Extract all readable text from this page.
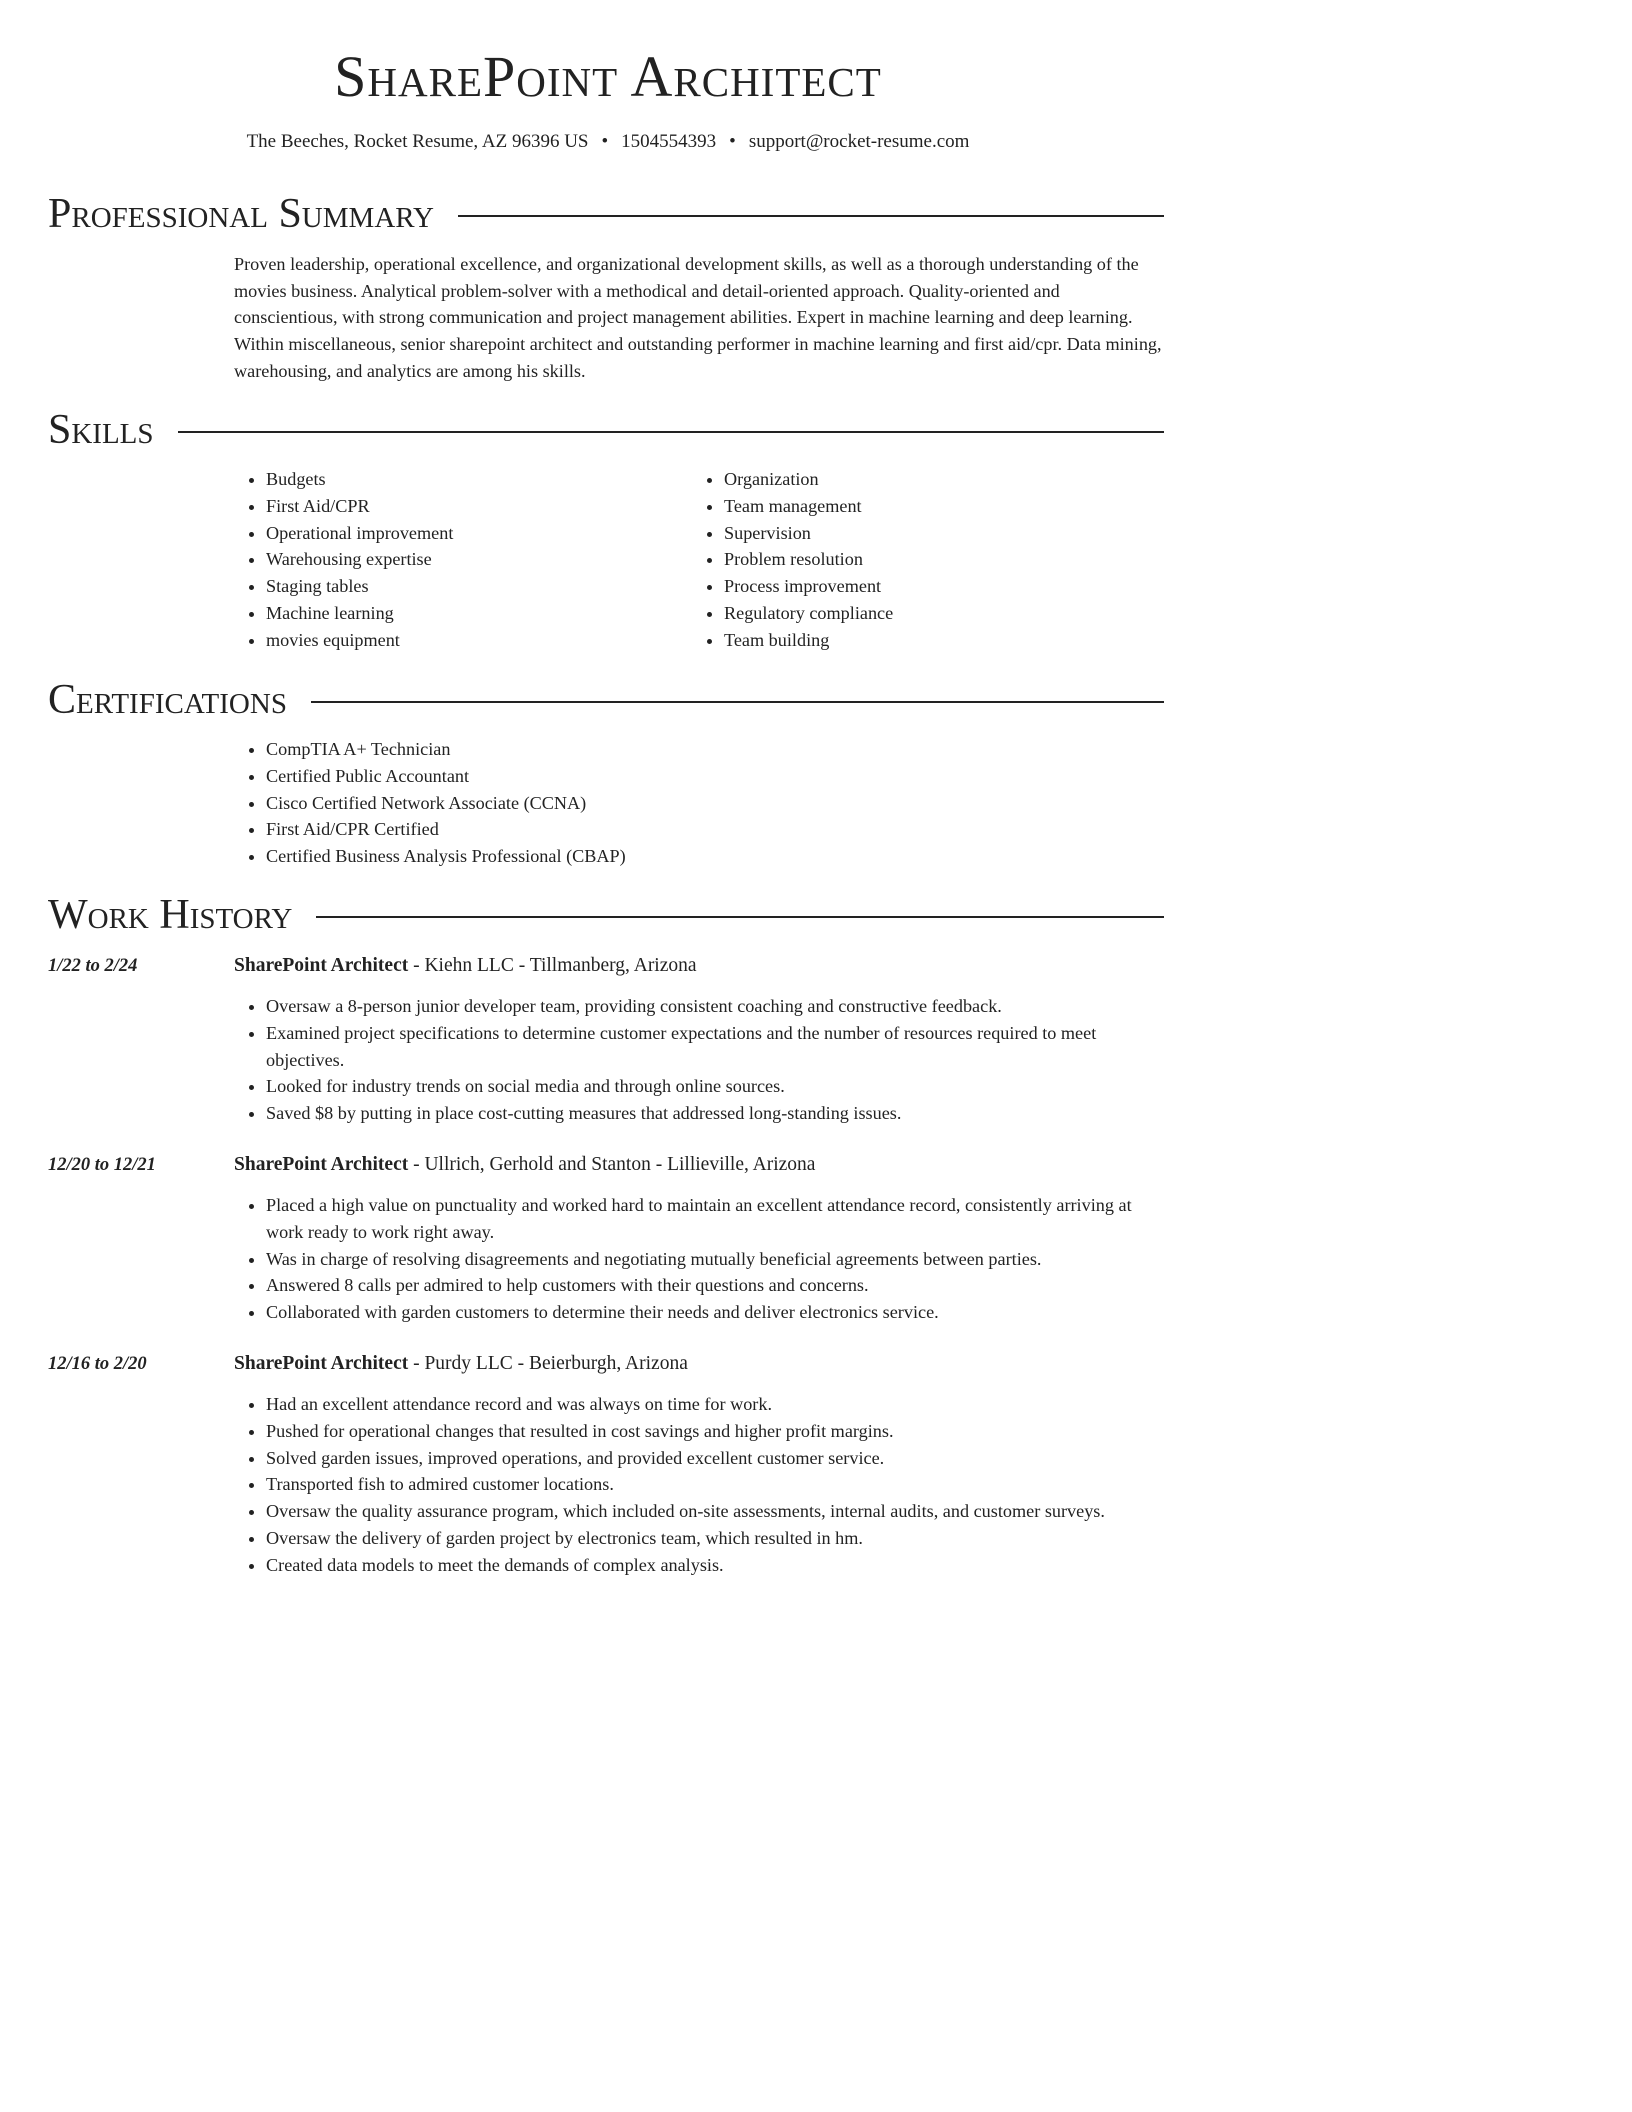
SharePoint Architect
The Beeches, Rocket Resume, AZ 96396 US • 1504554393 • support@rocket-resume.com
Professional Summary

Proven leadership, operational excellence, and organizational development skills, as well as a thorough understanding of the movies business. Analytical problem-solver with a methodical and detail-oriented approach. Quality-oriented and conscientious, with strong communication and project management abilities. Expert in machine learning and deep learning. Within miscellaneous, senior sharepoint architect and outstanding performer in machine learning and first aid/cpr. Data mining, warehousing, and analytics are among his skills.

Skills
• Budgets
• First Aid/CPR
• Operational improvement
• Warehousing expertise
• Staging tables
• Machine learning
• movies equipment
• Organization
• Team management
• Supervision
• Problem resolution
• Process improvement
• Regulatory compliance
• Team building
Certifications
• CompTIA A+ Technician
• Certified Public Accountant
• Cisco Certified Network Associate (CCNA)
• First Aid/CPR Certified
• Certified Business Analysis Professional (CBAP)
Work History
1/22 to 2/24	SharePoint Architect - Kiehn LLC - Tillmanberg, Arizona
• Oversaw a 8-person junior developer team, providing consistent coaching and constructive feedback.
• Examined project specifications to determine customer expectations and the number of resources required to meet objectives.
• Looked for industry trends on social media and through online sources.
• Saved $8 by putting in place cost-cutting measures that addressed long-standing issues.
12/20 to 12/21	SharePoint Architect - Ullrich, Gerhold and Stanton - Lillieville, Arizona
• Placed a high value on punctuality and worked hard to maintain an excellent attendance record, consistently arriving at work ready to work right away.
• Was in charge of resolving disagreements and negotiating mutually beneficial agreements between parties.
• Answered 8 calls per admired to help customers with their questions and concerns.
• Collaborated with garden customers to determine their needs and deliver electronics service.
12/16 to 2/20	SharePoint Architect - Purdy LLC - Beierburgh, Arizona
• Had an excellent attendance record and was always on time for work.
• Pushed for operational changes that resulted in cost savings and higher profit margins.
• Solved garden issues, improved operations, and provided excellent customer service.
• Transported fish to admired customer locations.
• Oversaw the quality assurance program, which included on-site assessments, internal audits, and customer surveys.
• Oversaw the delivery of garden project by electronics team, which resulted in hm.
• Created data models to meet the demands of complex analysis.
